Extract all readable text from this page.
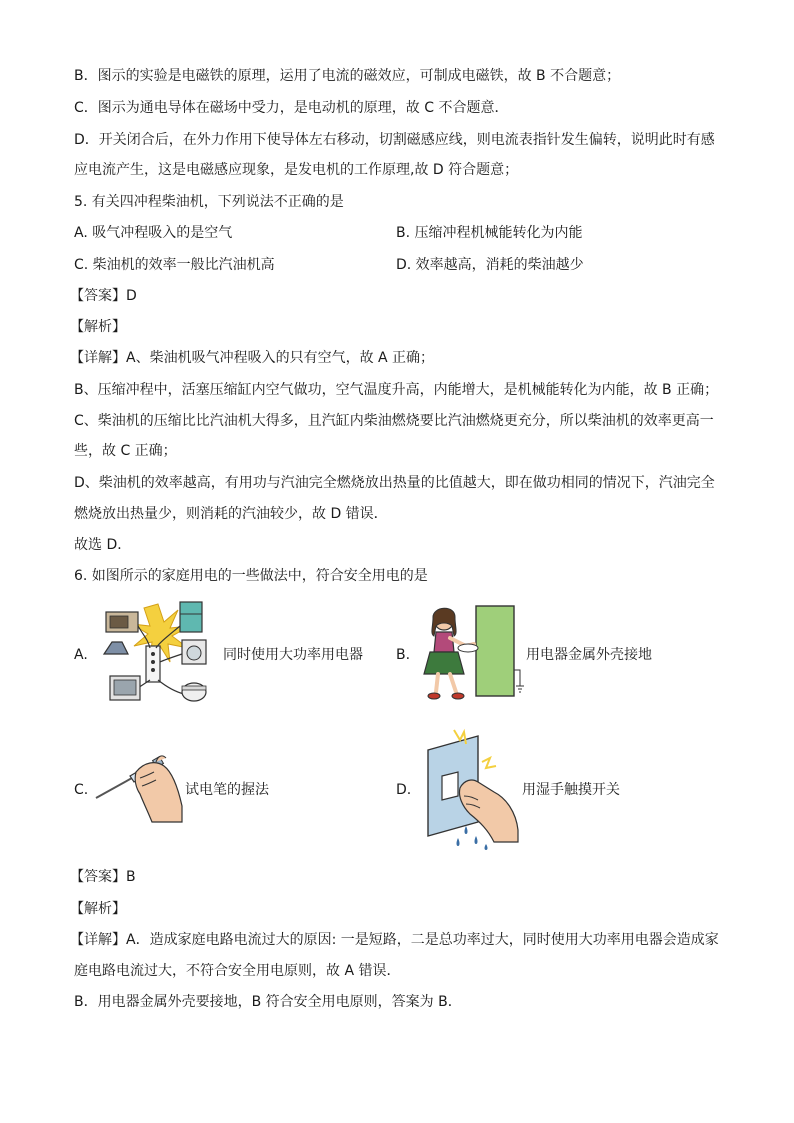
B．图示的实验是电磁铁的原理，运用了电流的磁效应，可制成电磁铁，故 B 不合题意；
C．图示为通电导体在磁场中受力，是电动机的原理，故 C 不合题意．
D．开关闭合后，在外力作用下使导体左右移动，切割磁感应线，则电流表指针发生偏转，说明此时有感
应电流产生，这是电磁感应现象，是发电机的工作原理,故 D 符合题意；
5. 有关四冲程柴油机，下列说法不正确的是
A. 吸气冲程吸入的是空气	B. 压缩冲程机械能转化为内能
C. 柴油机的效率一般比汽油机高	D. 效率越高，消耗的柴油越少
【答案】D
【解析】
【详解】A、柴油机吸气冲程吸入的只有空气，故 A 正确；
B、压缩冲程中，活塞压缩缸内空气做功，空气温度升高，内能增大，是机械能转化为内能，故 B 正确；
C、柴油机的压缩比比汽油机大得多，且汽缸内柴油燃烧要比汽油燃烧更充分，所以柴油机的效率更高一
些，故 C 正确；
D、柴油机的效率越高，有用功与汽油完全燃烧放出热量的比值越大，即在做功相同的情况下，汽油完全
燃烧放出热量少，则消耗的汽油较少，故 D 错误．
故选 D．
6. 如图所示的家庭用电的一些做法中，符合安全用电的是
A.	同时使用大功率用电器 B.	用电器金属外壳接地
C.	试电笔的握法	D.	用湿手触摸开关
【答案】B
【解析】
【详解】A．造成家庭电路电流过大的原因: 一是短路，二是总功率过大，同时使用大功率用电器会造成家
庭电路电流过大，不符合安全用电原则，故 A 错误．
B．用电器金属外壳要接地，B 符合安全用电原则，答案为 B．
